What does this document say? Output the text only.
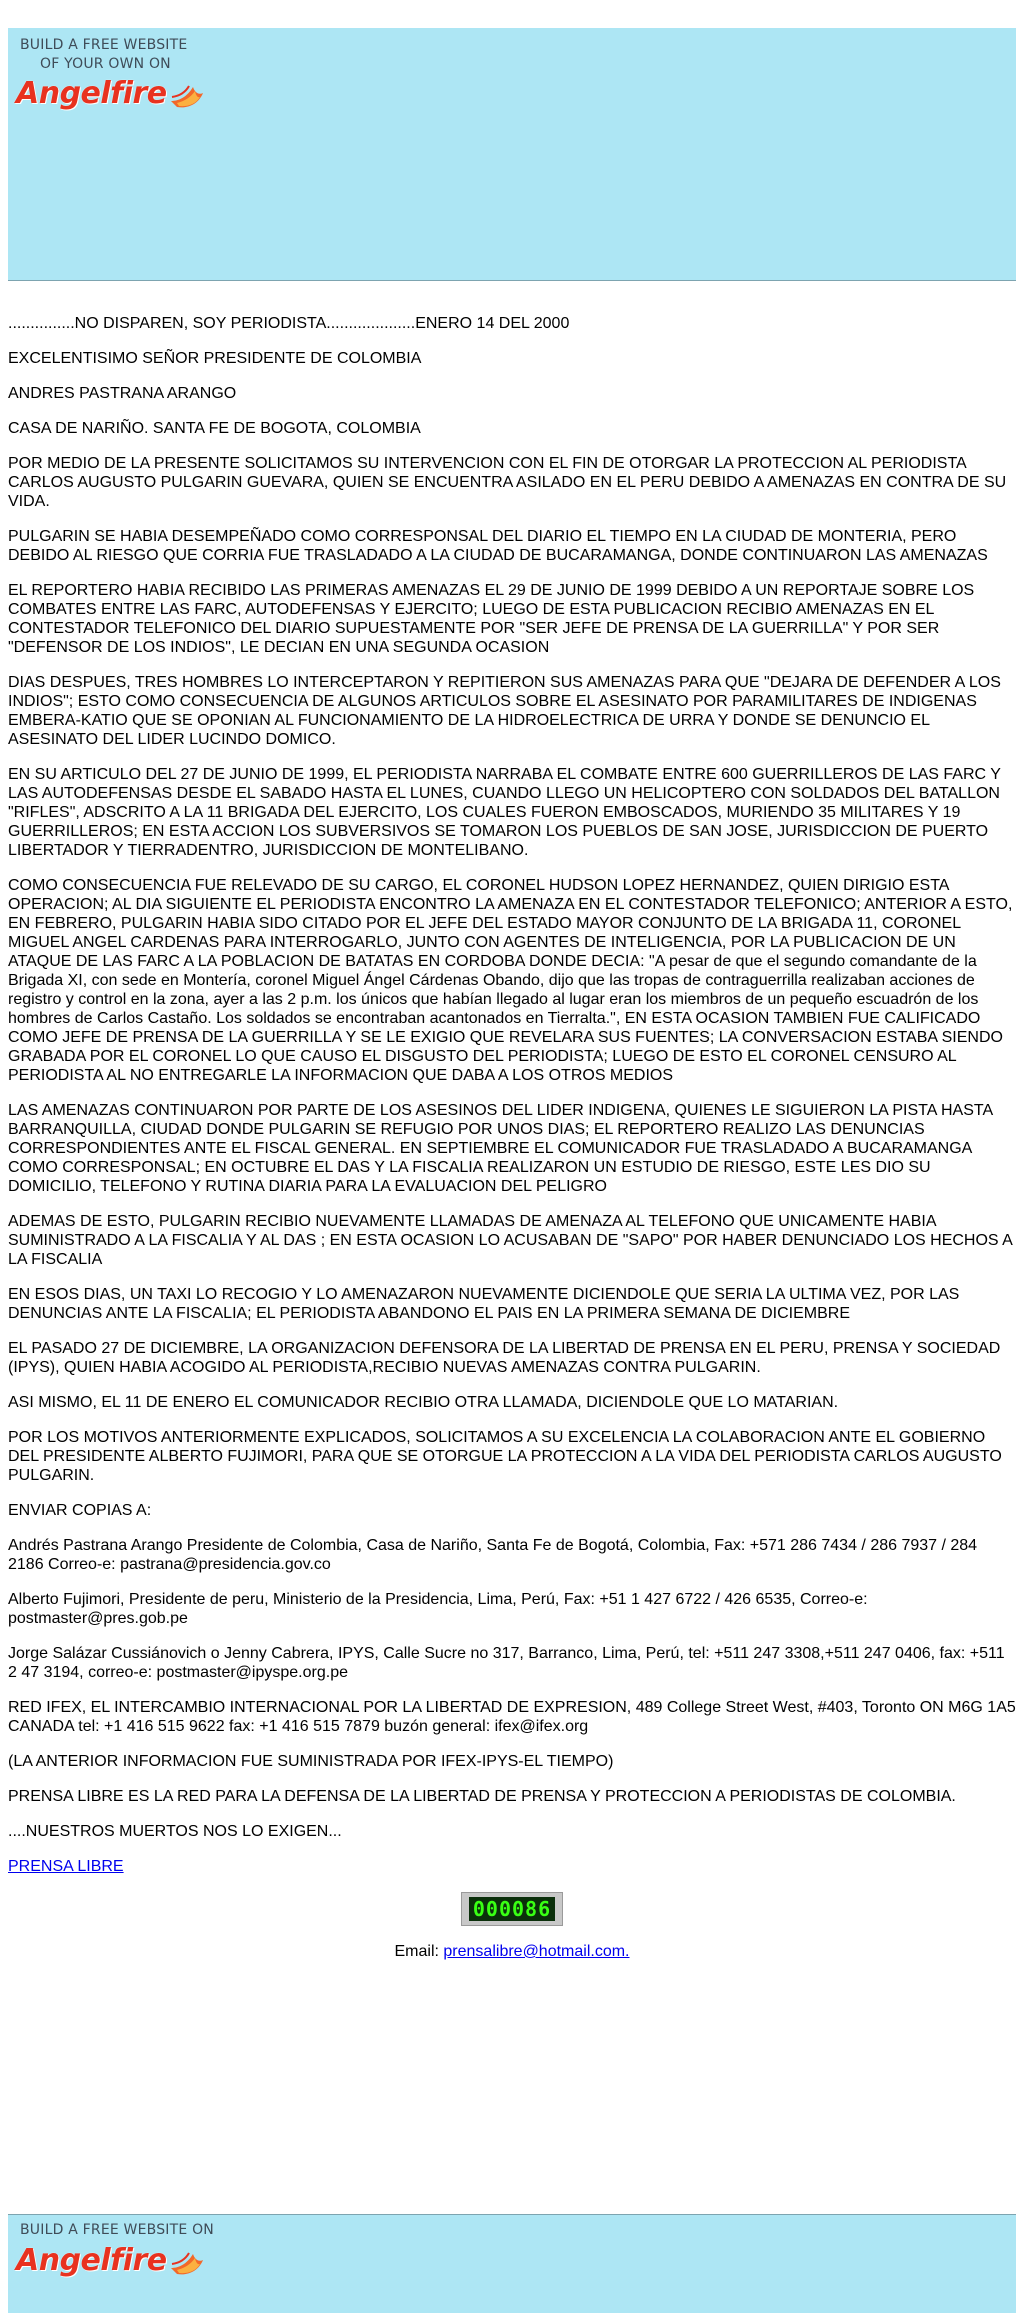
BUILD A FREE WEBSITE
OF YOUR OWN ON
Angelfire

...............NO DISPAREN, SOY PERIODISTA....................ENERO 14 DEL 2000

EXCELENTISIMO SEÑOR PRESIDENTE DE COLOMBIA

ANDRES PASTRANA ARANGO

CASA DE NARIÑO. SANTA FE DE BOGOTA, COLOMBIA

POR MEDIO DE LA PRESENTE SOLICITAMOS SU INTERVENCION CON EL FIN DE OTORGAR LA PROTECCION AL PERIODISTA CARLOS AUGUSTO PULGARIN GUEVARA, QUIEN SE ENCUENTRA ASILADO EN EL PERU DEBIDO A AMENAZAS EN CONTRA DE SU VIDA.

PULGARIN SE HABIA DESEMPEÑADO COMO CORRESPONSAL DEL DIARIO EL TIEMPO EN LA CIUDAD DE MONTERIA, PERO DEBIDO AL RIESGO QUE CORRIA FUE TRASLADADO A LA CIUDAD DE BUCARAMANGA, DONDE CONTINUARON LAS AMENAZAS

EL REPORTERO HABIA RECIBIDO LAS PRIMERAS AMENAZAS EL 29 DE JUNIO DE 1999 DEBIDO A UN REPORTAJE SOBRE LOS COMBATES ENTRE LAS FARC, AUTODEFENSAS Y EJERCITO; LUEGO DE ESTA PUBLICACION RECIBIO AMENAZAS EN EL CONTESTADOR TELEFONICO DEL DIARIO SUPUESTAMENTE POR "SER JEFE DE PRENSA DE LA GUERRILLA" Y POR SER "DEFENSOR DE LOS INDIOS", LE DECIAN EN UNA SEGUNDA OCASION

DIAS DESPUES, TRES HOMBRES LO INTERCEPTARON Y REPITIERON SUS AMENAZAS PARA QUE "DEJARA DE DEFENDER A LOS INDIOS"; ESTO COMO CONSECUENCIA DE ALGUNOS ARTICULOS SOBRE EL ASESINATO POR PARAMILITARES DE INDIGENAS EMBERA-KATIO QUE SE OPONIAN AL FUNCIONAMIENTO DE LA HIDROELECTRICA DE URRA Y DONDE SE DENUNCIO EL ASESINATO DEL LIDER LUCINDO DOMICO.

EN SU ARTICULO DEL 27 DE JUNIO DE 1999, EL PERIODISTA NARRABA EL COMBATE ENTRE 600 GUERRILLEROS DE LAS FARC Y LAS AUTODEFENSAS DESDE EL SABADO HASTA EL LUNES, CUANDO LLEGO UN HELICOPTERO CON SOLDADOS DEL BATALLON "RIFLES", ADSCRITO A LA 11 BRIGADA DEL EJERCITO, LOS CUALES FUERON EMBOSCADOS, MURIENDO 35 MILITARES Y 19 GUERRILLEROS; EN ESTA ACCION LOS SUBVERSIVOS SE TOMARON LOS PUEBLOS DE SAN JOSE, JURISDICCION DE PUERTO LIBERTADOR Y TIERRADENTRO, JURISDICCION DE MONTELIBANO.

COMO CONSECUENCIA FUE RELEVADO DE SU CARGO, EL CORONEL HUDSON LOPEZ HERNANDEZ, QUIEN DIRIGIO ESTA OPERACION; AL DIA SIGUIENTE EL PERIODISTA ENCONTRO LA AMENAZA EN EL CONTESTADOR TELEFONICO; ANTERIOR A ESTO, EN FEBRERO, PULGARIN HABIA SIDO CITADO POR EL JEFE DEL ESTADO MAYOR CONJUNTO DE LA BRIGADA 11, CORONEL MIGUEL ANGEL CARDENAS PARA INTERROGARLO, JUNTO CON AGENTES DE INTELIGENCIA, POR LA PUBLICACION DE UN ATAQUE DE LAS FARC A LA POBLACION DE BATATAS EN CORDOBA DONDE DECIA: "A pesar de que el segundo comandante de la Brigada XI, con sede en Montería, coronel Miguel Ángel Cárdenas Obando, dijo que las tropas de contraguerrilla realizaban acciones de registro y control en la zona, ayer a las 2 p.m. los únicos que habían llegado al lugar eran los miembros de un pequeño escuadrón de los hombres de Carlos Castaño. Los soldados se encontraban acantonados en Tierralta.", EN ESTA OCASION TAMBIEN FUE CALIFICADO COMO JEFE DE PRENSA DE LA GUERRILLA Y SE LE EXIGIO QUE REVELARA SUS FUENTES; LA CONVERSACION ESTABA SIENDO GRABADA POR EL CORONEL LO QUE CAUSO EL DISGUSTO DEL PERIODISTA; LUEGO DE ESTO EL CORONEL CENSURO AL PERIODISTA AL NO ENTREGARLE LA INFORMACION QUE DABA A LOS OTROS MEDIOS

LAS AMENAZAS CONTINUARON POR PARTE DE LOS ASESINOS DEL LIDER INDIGENA, QUIENES LE SIGUIERON LA PISTA HASTA BARRANQUILLA, CIUDAD DONDE PULGARIN SE REFUGIO POR UNOS DIAS; EL REPORTERO REALIZO LAS DENUNCIAS CORRESPONDIENTES ANTE EL FISCAL GENERAL. EN SEPTIEMBRE EL COMUNICADOR FUE TRASLADADO A BUCARAMANGA COMO CORRESPONSAL; EN OCTUBRE EL DAS Y LA FISCALIA REALIZARON UN ESTUDIO DE RIESGO, ESTE LES DIO SU DOMICILIO, TELEFONO Y RUTINA DIARIA PARA LA EVALUACION DEL PELIGRO

ADEMAS DE ESTO, PULGARIN RECIBIO NUEVAMENTE LLAMADAS DE AMENAZA AL TELEFONO QUE UNICAMENTE HABIA SUMINISTRADO A LA FISCALIA Y AL DAS ; EN ESTA OCASION LO ACUSABAN DE "SAPO" POR HABER DENUNCIADO LOS HECHOS A LA FISCALIA

EN ESOS DIAS, UN TAXI LO RECOGIO Y LO AMENAZARON NUEVAMENTE DICIENDOLE QUE SERIA LA ULTIMA VEZ, POR LAS DENUNCIAS ANTE LA FISCALIA; EL PERIODISTA ABANDONO EL PAIS EN LA PRIMERA SEMANA DE DICIEMBRE

EL PASADO 27 DE DICIEMBRE, LA ORGANIZACION DEFENSORA DE LA LIBERTAD DE PRENSA EN EL PERU, PRENSA Y SOCIEDAD (IPYS), QUIEN HABIA ACOGIDO AL PERIODISTA,RECIBIO NUEVAS AMENAZAS CONTRA PULGARIN.

ASI MISMO, EL 11 DE ENERO EL COMUNICADOR RECIBIO OTRA LLAMADA, DICIENDOLE QUE LO MATARIAN.

POR LOS MOTIVOS ANTERIORMENTE EXPLICADOS, SOLICITAMOS A SU EXCELENCIA LA COLABORACION ANTE EL GOBIERNO DEL PRESIDENTE ALBERTO FUJIMORI, PARA QUE SE OTORGUE LA PROTECCION A LA VIDA DEL PERIODISTA CARLOS AUGUSTO PULGARIN.

ENVIAR COPIAS A:

Andrés Pastrana Arango Presidente de Colombia, Casa de Nariño, Santa Fe de Bogotá, Colombia, Fax: +571 286 7434 / 286 7937 / 284 2186 Correo-e: pastrana@presidencia.gov.co

Alberto Fujimori, Presidente de peru, Ministerio de la Presidencia, Lima, Perú, Fax: +51 1 427 6722 / 426 6535, Correo-e: postmaster@pres.gob.pe

Jorge Salázar Cussiánovich o Jenny Cabrera, IPYS, Calle Sucre no 317, Barranco, Lima, Perú, tel: +511 247 3308,+511 247 0406, fax: +511 2 47 3194, correo-e: postmaster@ipyspe.org.pe

RED IFEX, EL INTERCAMBIO INTERNACIONAL POR LA LIBERTAD DE EXPRESION, 489 College Street West, #403, Toronto ON M6G 1A5 CANADA tel: +1 416 515 9622 fax: +1 416 515 7879 buzón general: ifex@ifex.org

(LA ANTERIOR INFORMACION FUE SUMINISTRADA POR IFEX-IPYS-EL TIEMPO)

PRENSA LIBRE ES LA RED PARA LA DEFENSA DE LA LIBERTAD DE PRENSA Y PROTECCION A PERIODISTAS DE COLOMBIA.

....NUESTROS MUERTOS NOS LO EXIGEN...

PRENSA LIBRE

000086
Email: prensalibre@hotmail.com.
BUILD A FREE WEBSITE ON
Angelfire
